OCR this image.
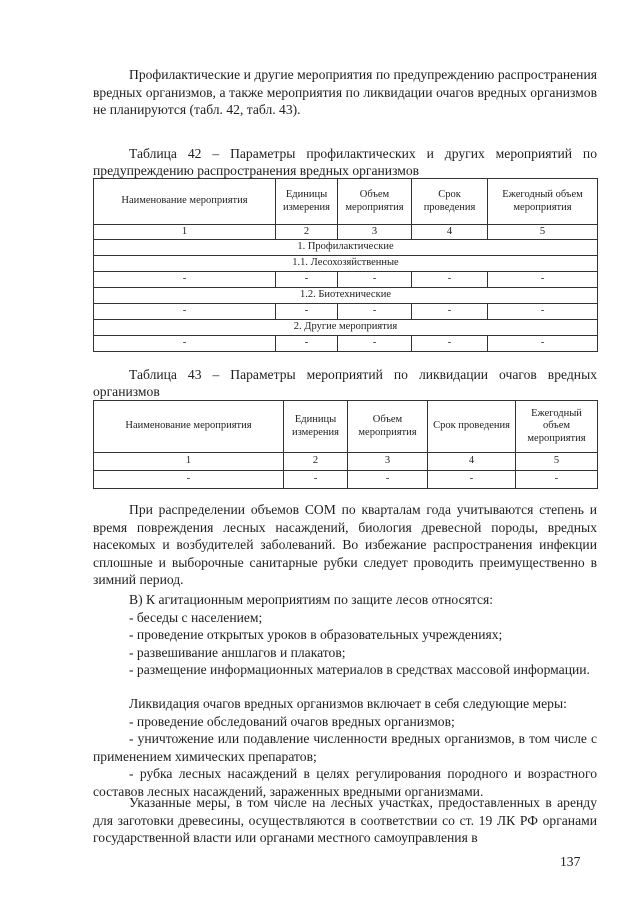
Профилактические и другие мероприятия по предупреждению распространения вредных организмов, а также мероприятия по ликвидации очагов вредных организмов не планируются (табл. 42, табл. 43).

Таблица 42 – Параметры профилактических и других мероприятий по предупреждению распространения вредных организмов

Наименование мероприятия	Единицы измерения	Объем мероприятия	Срок проведения	Ежегодный объем мероприятия
1	2	3	4	5
1. Профилактические				
1.1. Лесохозяйственные				
-	-	-	-	-
1.2. Биотехнические				
-	-	-	-	-
2. Другие мероприятия				
-	-	-	-	-

Таблица 43 – Параметры мероприятий по ликвидации очагов вредных организмов

Наименование мероприятия	Единицы измерения	Объем мероприятия	Срок проведения	Ежегодный объем мероприятия
1	2	3	4	5
-	-	-	-	-

При распределении объемов СОМ по кварталам года учитываются степень и время повреждения лесных насаждений, биология древесной породы, вредных насекомых и возбудителей заболеваний. Во избежание распространения инфекции сплошные и выборочные санитарные рубки следует проводить преимущественно в зимний период.

В) К агитационным мероприятиям по защите лесов относятся:

- беседы с населением;

- проведение открытых уроков в образовательных учреждениях;

- развешивание аншлагов и плакатов;

- размещение информационных материалов в средствах массовой информации.

Ликвидация очагов вредных организмов включает в себя следующие меры:

- проведение обследований очагов вредных организмов;

- уничтожение или подавление численности вредных организмов, в том числе с применением химических препаратов;

- рубка лесных насаждений в целях регулирования породного и возрастного составов лесных насаждений, зараженных вредными организмами.

Указанные меры, в том числе на лесных участках, предоставленных в аренду для заготовки древесины, осуществляются в соответствии со ст. 19 ЛК РФ органами государственной власти или органами местного самоуправления в

137
